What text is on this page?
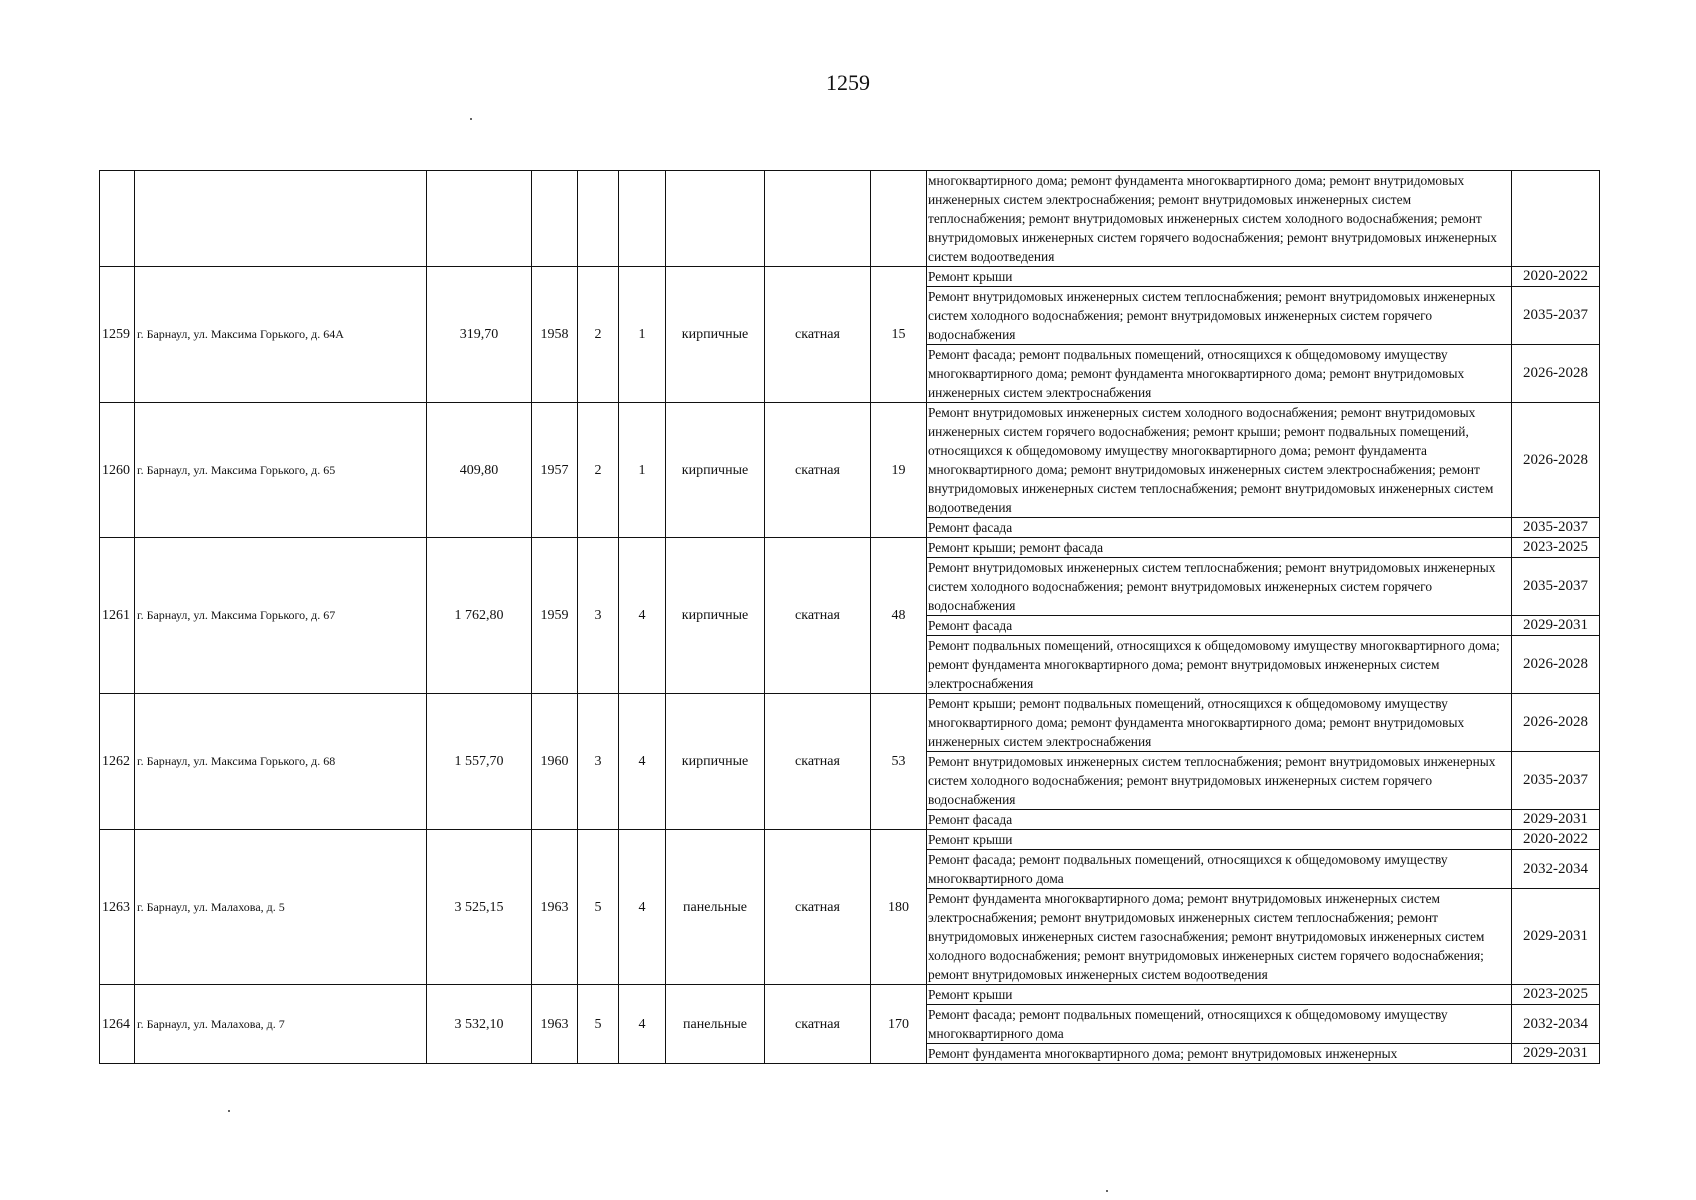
1259
									многоквартирного дома; ремонт фундамента многоквартирного дома; ремонт внутридомовых инженерных систем электроснабжения; ремонт внутридомовых инженерных систем теплоснабжения; ремонт внутридомовых инженерных систем холодного водоснабжения; ремонт внутридомовых инженерных систем горячего водоснабжения; ремонт внутридомовых инженерных систем водоотведения	
1259	г. Барнаул, ул. Максима Горького, д. 64А	319,70	1958	2	1	кирпичные	скатная	15	Ремонт крыши	2020-2022
									Ремонт внутридомовых инженерных систем теплоснабжения; ремонт внутридомовых инженерных систем холодного водоснабжения; ремонт внутридомовых инженерных систем горячего водоснабжения	2035-2037
									Ремонт фасада; ремонт подвальных помещений, относящихся к общедомовому имуществу многоквартирного дома; ремонт фундамента многоквартирного дома; ремонт внутридомовых инженерных систем электроснабжения	2026-2028
1260	г. Барнаул, ул. Максима Горького, д. 65	409,80	1957	2	1	кирпичные	скатная	19	Ремонт внутридомовых инженерных систем холодного водоснабжения; ремонт внутридомовых инженерных систем горячего водоснабжения; ремонт крыши; ремонт подвальных помещений, относящихся к общедомовому имуществу многоквартирного дома; ремонт фундамента многоквартирного дома; ремонт внутридомовых инженерных систем электроснабжения; ремонт внутридомовых инженерных систем теплоснабжения; ремонт внутридомовых инженерных систем водоотведения	2026-2028
									Ремонт фасада	2035-2037
1261	г. Барнаул, ул. Максима Горького, д. 67	1 762,80	1959	3	4	кирпичные	скатная	48	Ремонт крыши; ремонт фасада	2023-2025
									Ремонт внутридомовых инженерных систем теплоснабжения; ремонт внутридомовых инженерных систем холодного водоснабжения; ремонт внутридомовых инженерных систем горячего водоснабжения	2035-2037
									Ремонт фасада	2029-2031
									Ремонт подвальных помещений, относящихся к общедомовому имуществу многоквартирного дома; ремонт фундамента многоквартирного дома; ремонт внутридомовых инженерных систем электроснабжения	2026-2028
1262	г. Барнаул, ул. Максима Горького, д. 68	1 557,70	1960	3	4	кирпичные	скатная	53	Ремонт крыши; ремонт подвальных помещений, относящихся к общедомовому имуществу многоквартирного дома; ремонт фундамента многоквартирного дома; ремонт внутридомовых инженерных систем электроснабжения	2026-2028
									Ремонт внутридомовых инженерных систем теплоснабжения; ремонт внутридомовых инженерных систем холодного водоснабжения; ремонт внутридомовых инженерных систем горячего водоснабжения	2035-2037
									Ремонт фасада	2029-2031
1263	г. Барнаул, ул. Малахова, д. 5	3 525,15	1963	5	4	панельные	скатная	180	Ремонт крыши	2020-2022
									Ремонт фасада; ремонт подвальных помещений, относящихся к общедомовому имуществу многоквартирного дома	2032-2034
									Ремонт фундамента многоквартирного дома; ремонт внутридомовых инженерных систем электроснабжения; ремонт внутридомовых инженерных систем теплоснабжения; ремонт внутридомовых инженерных систем газоснабжения; ремонт внутридомовых инженерных систем холодного водоснабжения; ремонт внутридомовых инженерных систем горячего водоснабжения; ремонт внутридомовых инженерных систем водоотведения	2029-2031
1264	г. Барнаул, ул. Малахова, д. 7	3 532,10	1963	5	4	панельные	скатная	170	Ремонт крыши	2023-2025
									Ремонт фасада; ремонт подвальных помещений, относящихся к общедомовому имуществу многоквартирного дома	2032-2034
									Ремонт фундамента многоквартирного дома; ремонт внутридомовых инженерных	2029-2031
